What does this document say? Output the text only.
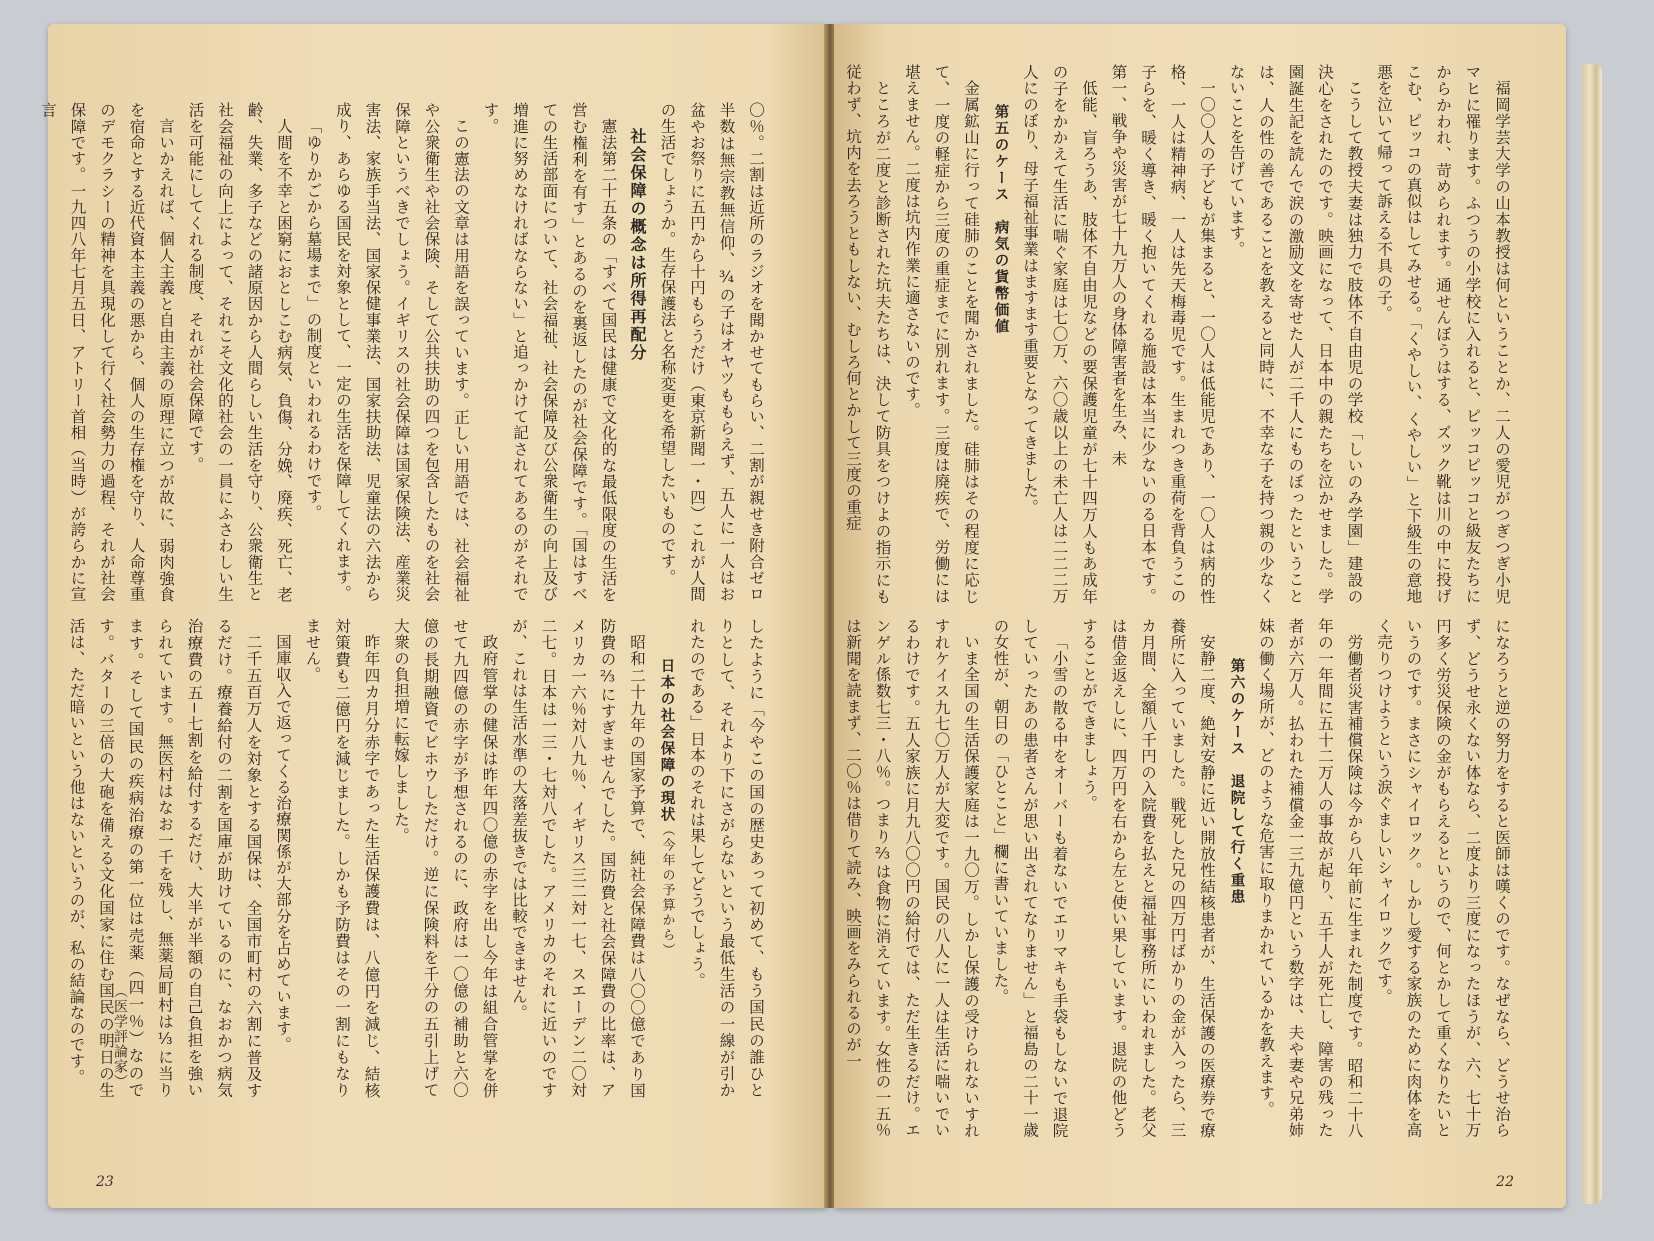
〇％。二割は近所のラジオを聞かせてもらい、二割が親せき附合ゼロ半数は無宗教無信仰、¾の子はオヤツももらえず、五人に一人はお盆やお祭りに五円から十円もらうだけ（東京新聞一・四）これが人間の生活でしょうか。生存保護法と名称変更を希望したいものです。

社会保障の概念は所得再配分

憲法第二十五条の「すべて国民は健康で文化的な最低限度の生活を営む権利を有す」とあるのを裏返したのが社会保障です。「国はすべての生活部面について、社会福祉、社会保障及び公衆衛生の向上及び増進に努めなければならない」と追っかけて記されてあるのがそれです。

この憲法の文章は用語を誤っています。正しい用語では、社会福祉や公衆衛生や社会保険、そして公共扶助の四つを包含したものを社会保障というべきでしょう。イギリスの社会保障は国家保険法、産業災害法、家族手当法、国家保健事業法、国家扶助法、児童法の六法から成り、あらゆる国民を対象として、一定の生活を保障してくれます。

「ゆりかごから墓場まで」の制度といわれるわけです。

人間を不幸と困窮におとしこむ病気、負傷、分娩、廃疾、死亡、老齢、失業、多子などの諸原因から人間らしい生活を守り、公衆衛生と社会福祉の向上によって、それこそ文化的社会の一員にふさわしい生活を可能にしてくれる制度、それが社会保障です。

言いかえれば、個人主義と自由主義の原理に立つが故に、弱肉強食を宿命とする近代資本主義の悪から、個人の生存権を守り、人命尊重のデモクラシーの精神を具現化して行く社会勢力の過程、それが社会保障です。一九四八年七月五日、アトリー首相（当時）が誇らかに宣言

したように「今やこの国の歴史あって初めて、もう国民の誰ひとりとして、それより下にさがらないという最低生活の一線が引かれたのである」日本のそれは果してどうでしょう。

日本の社会保障の現状（今年の予算から）

昭和二十九年の国家予算で、純社会保障費は八〇〇億であり国防費の⅔にすぎませんでした。国防費と社会保障費の比率は、アメリカ一六％対八九％、イギリス三二対一七、スエーデン二〇対二七。日本は一三・七対八でした。アメリカのそれに近いのですが、これは生活水準の大落差抜きでは比較できません。

政府管掌の健保は昨年四〇億の赤字を出し今年は組合管掌を併せて九四億の赤字が予想されるのに、政府は一〇億の補助と六〇億の長期融資でビホウしただけ。逆に保険料を千分の五引上げて大衆の負担増に転嫁しました。

昨年四カ月分赤字であった生活保護費は、八億円を減じ、結核対策費も二億円を減じました。しかも予防費はその一割にもなりません。

国庫収入で返ってくる治療関係が大部分を占めています。

二千五百万人を対象とする国保は、全国市町村の六割に普及するだけ。療養給付の二割を国庫が助けているのに、なおかつ病気治療費の五−七割を給付するだけ、大半が半額の自己負担を強いられています。無医村はなお一千を残し、無薬局町村は⅓に当ります。そして国民の疾病治療の第一位は売薬（四一％）なのです。バターの三倍の大砲を備える文化国家に住む国民の明日の生活は、ただ暗いという他はないというのが、私の結論なのです。	（医学評論家）
23

福岡学芸大学の山本教授は何ということか、二人の愛児がつぎつぎ小児マヒに罹ります。ふつうの小学校に入れると、ピッコピッコと級友たちにからかわれ、苛められます。通せんぼうはする、ズック靴は川の中に投げこむ、ピッコの真似はしてみせる。「くやしい、くやしい」と下級生の意地悪を泣いて帰って訴える不具の子。

こうして教授夫妻は独力で肢体不自由児の学校「しいのみ学園」建設の決心をされたのです。映画になって、日本中の親たちを泣かせました。学園誕生記を読んで涙の激励文を寄せた人が二千人にものぼったということは、人の性の善であることを教えると同時に、不幸な子を持つ親の少なくないことを告げています。

一〇〇人の子どもが集まると、一〇人は低能児であり、一〇人は病的性格、一人は精神病、一人は先天梅毒児です。生まれつき重荷を背負うこの子らを、暖く導き、暖く抱いてくれる施設は本当に少ないのる日本です。第一、戦争や災害が七十九万人の身体障害者を生み、未

低能、盲ろうあ、肢体不自由児などの要保護児童が七十四万人もあ成年の子をかかえて生活に喘ぐ家庭は七〇万、六〇歳以上の未亡人は二二二万人にのぼり、母子福祉事業はますます重要となってきました。

第五のケース　病気の貨幣価値

金属鉱山に行って硅肺のことを聞かされました。硅肺はその程度に応じて、一度の軽症から三度の重症までに別れます。三度は廃疾で、労働には堪えません。二度は坑内作業に適さないのです。

ところが二度と診断された坑夫たちは、決して防具をつけよの指示にも従わず、坑内を去ろうともしない、むしろ何とかして三度の重症

になろうと逆の努力をすると医師は嘆くのです。なぜなら、どうせ治らず、どうせ永くない体なら、二度より三度になったほうが、六、七十万円多く労災保険の金がもらえるというので、何とかして重くなりたいというのです。まさにシャイロック。しかし愛する家族のために肉体を高く売りつけようという涙ぐましいシャイロックです。

労働者災害補償保険は今から八年前に生まれた制度です。昭和二十八年の一年間に五十二万人の事故が起り、五千人が死亡し、障害の残った者が六万人。払われた補償金一三九億円という数字は、夫や妻や兄弟姉妹の働く場所が、どのような危害に取りまかれているかを教えます。

第六のケース　退院して行く重患

安静二度、絶対安静に近い開放性結核患者が、生活保護の医療券で療養所に入っていました。戦死した兄の四万円ばかりの金が入ったら、三カ月間、全額八千円の入院費を払えと福祉事務所にいわれました。老父は借金返えしに、四万円を右から左と使い果しています。退院の他どうすることができましょう。

「小雪の散る中をオーバーも着ないでエリマキも手袋もしないで退院していったあの患者さんが思い出されてなりません」と福島の二十一歳の女性が、朝日の「ひとこと」欄に書いていました。

いま全国の生活保護家庭は一九〇万。しかし保護の受けられないすれすれケイス九七〇万人が大変です。国民の八人に一人は生活に喘いでいるわけです。五人家族に月九八〇〇円の給付では、ただ生きるだけ。エンゲル係数七三・八％。つまり⅔は食物に消えています。女性の一五％は新聞を読まず、二〇％は借りて読み、映画をみられるのが一

22
